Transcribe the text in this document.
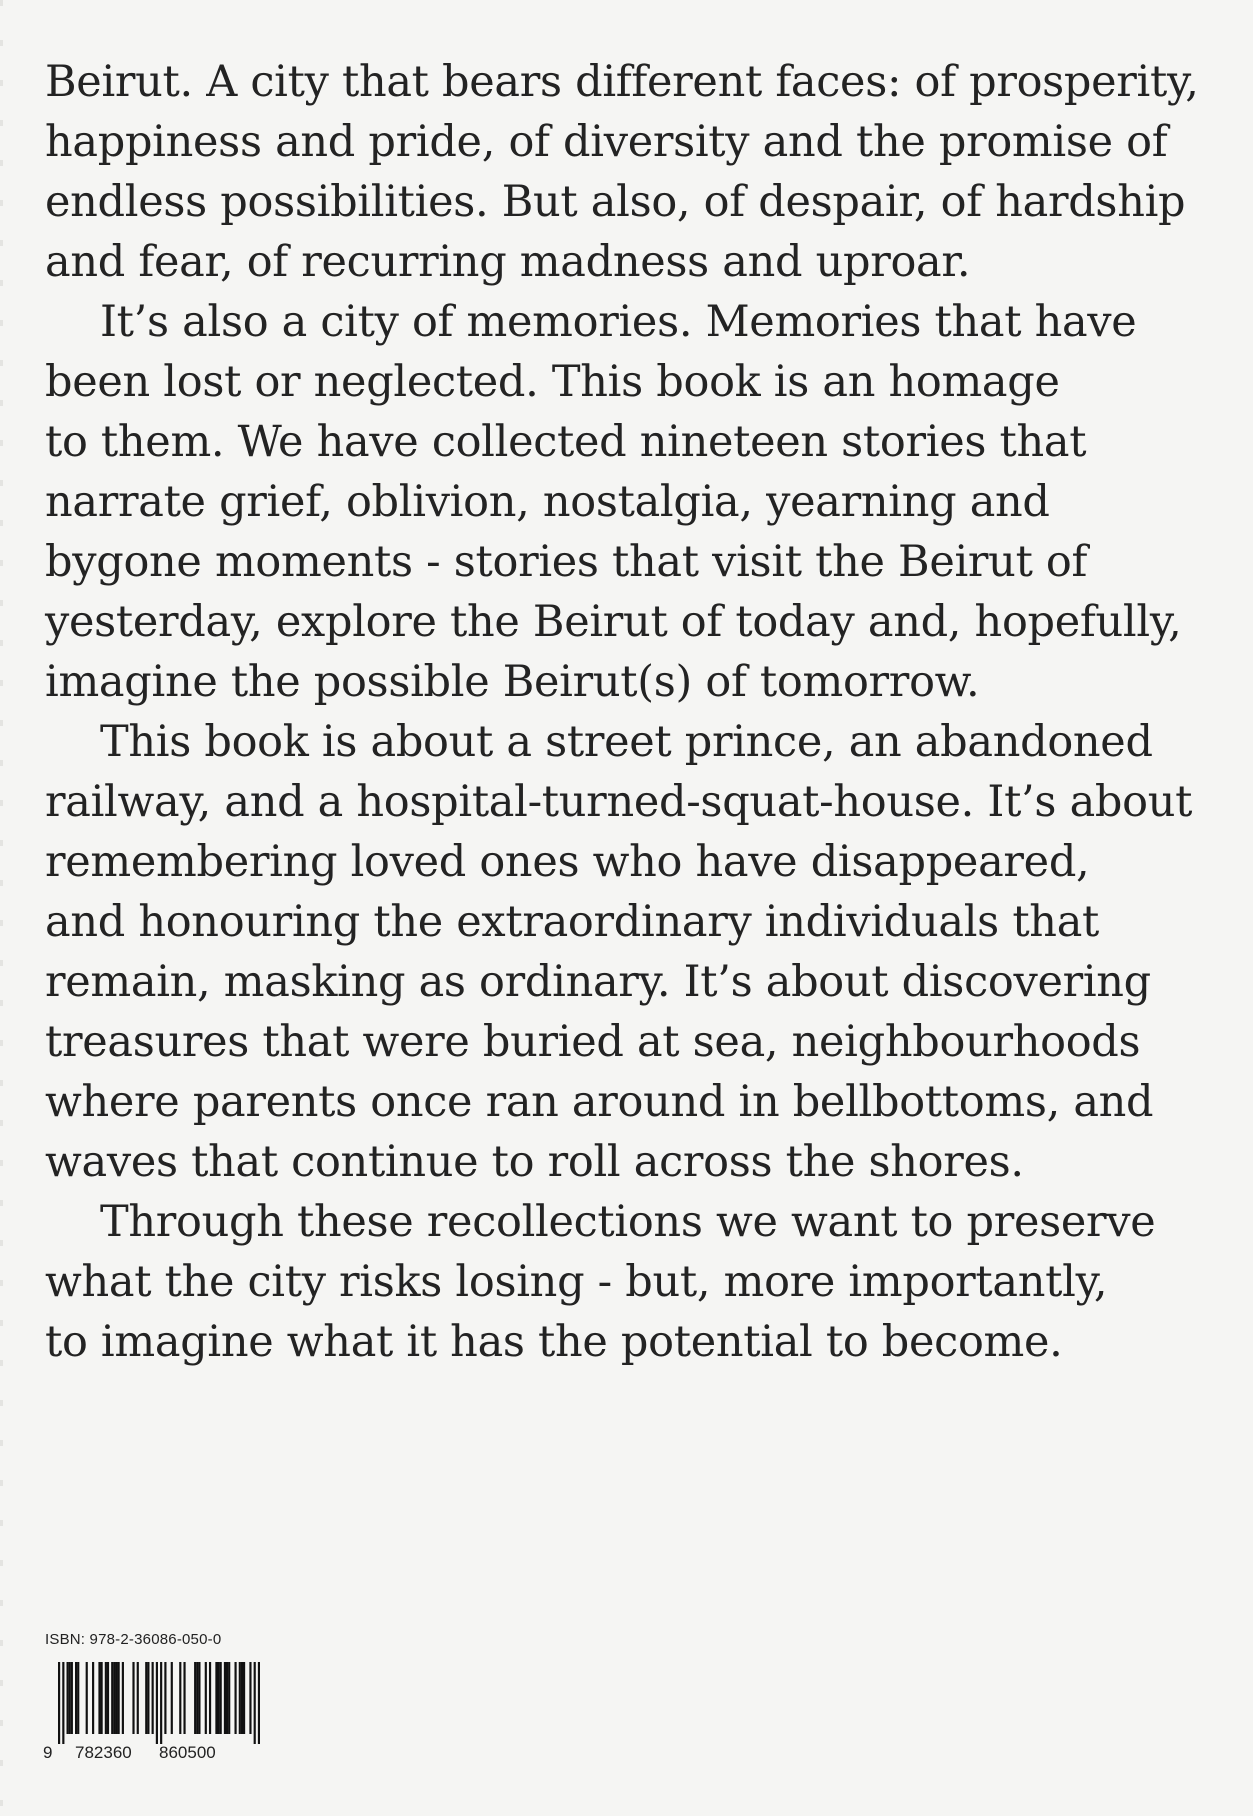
Beirut. A city that bears different faces: of prosperity,
happiness and pride, of diversity and the promise of
endless possibilities. But also, of despair, of hardship
and fear, of recurring madness and uproar.

It’s also a city of memories. Memories that have
been lost or neglected. This book is an homage
to them. We have collected nineteen stories that
narrate grief, oblivion, nostalgia, yearning and
bygone moments - stories that visit the Beirut of
yesterday, explore the Beirut of today and, hopefully,
imagine the possible Beirut(s) of tomorrow.

This book is about a street prince, an abandoned
railway, and a hospital-turned-squat-house. It’s about
remembering loved ones who have disappeared,
and honouring the extraordinary individuals that
remain, masking as ordinary. It’s about discovering
treasures that were buried at sea, neighbourhoods
where parents once ran around in bellbottoms, and
waves that continue to roll across the shores.

Through these recollections we want to preserve
what the city risks losing - but, more importantly,
to imagine what it has the potential to become.

ISBN: 978-2-36086-050-0
9 782360 860500
